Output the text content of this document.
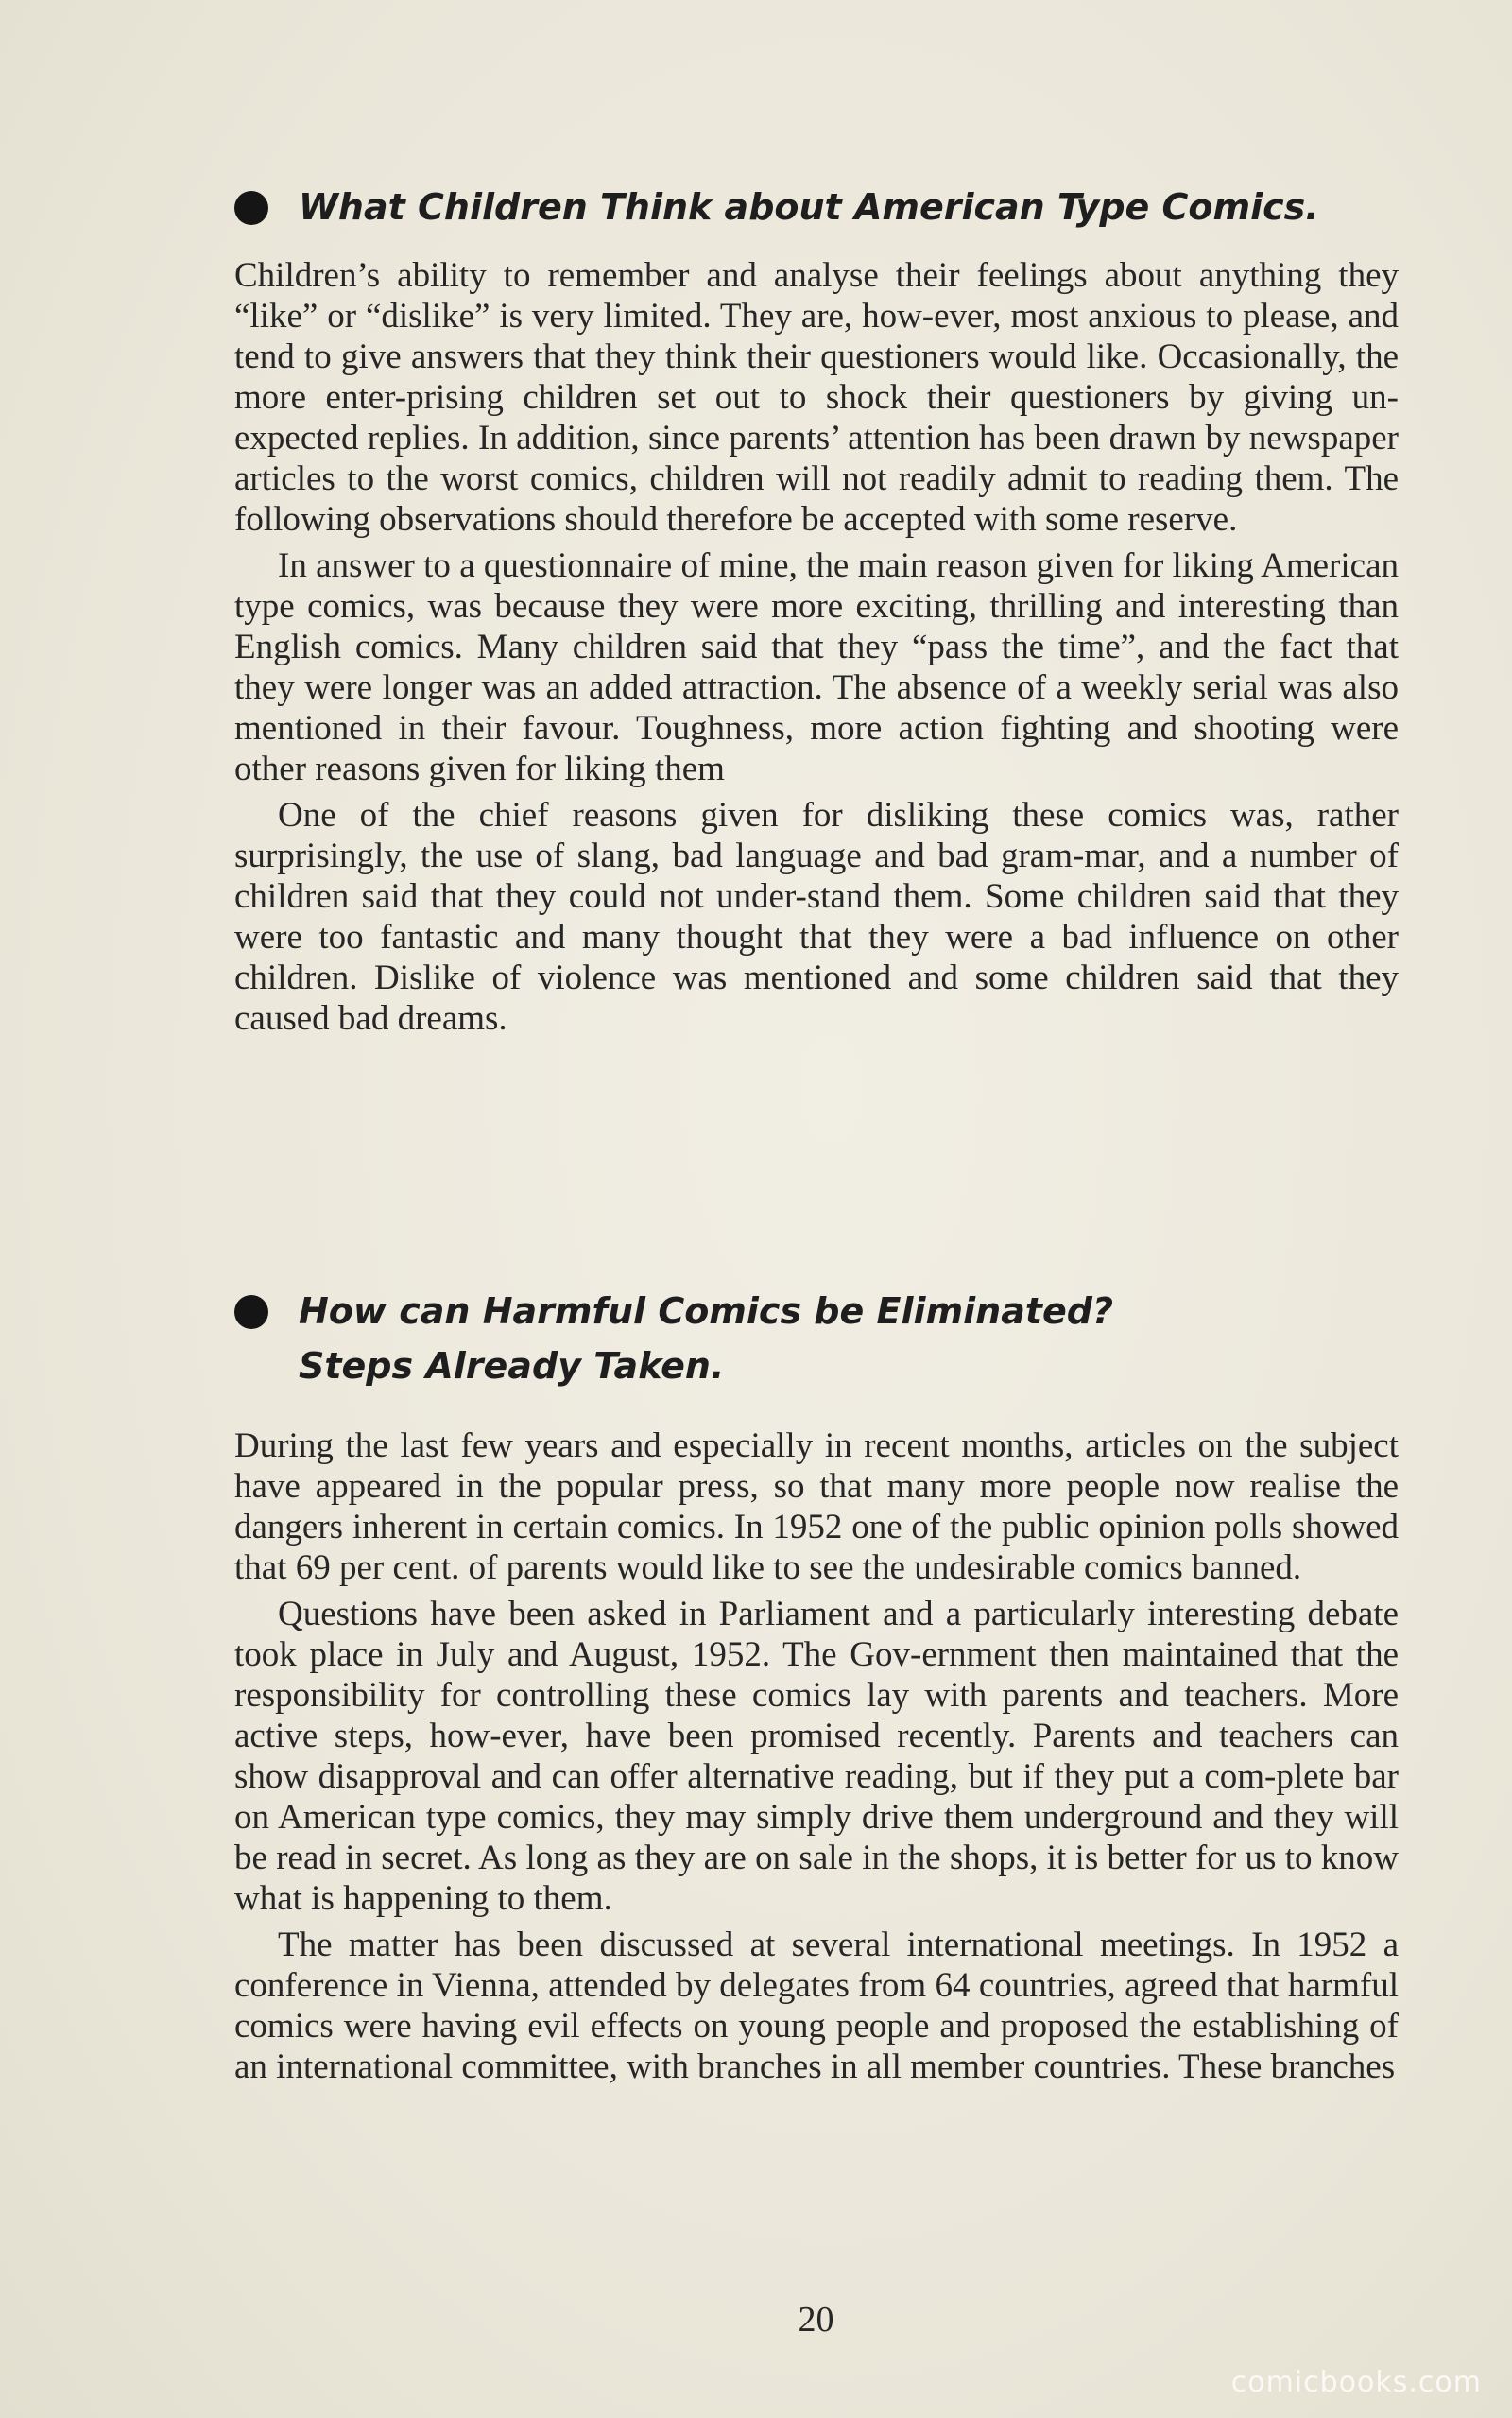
What Children Think about American Type Comics.

Children’s ability to remember and analyse their feelings about anything they “like” or “dislike” is very limited. They are, how-ever, most anxious to please, and tend to give answers that they think their questioners would like. Occasionally, the more enter-prising children set out to shock their questioners by giving un-expected replies. In addition, since parents’ attention has been drawn by newspaper articles to the worst comics, children will not readily admit to reading them. The following observations should therefore be accepted with some reserve.

In answer to a questionnaire of mine, the main reason given for liking American type comics, was because they were more exciting, thrilling and interesting than English comics. Many children said that they “pass the time”, and the fact that they were longer was an added attraction. The absence of a weekly serial was also mentioned in their favour. Toughness, more action fighting and shooting were other reasons given for liking them

One of the chief reasons given for disliking these comics was, rather surprisingly, the use of slang, bad language and bad gram-mar, and a number of children said that they could not under-stand them. Some children said that they were too fantastic and many thought that they were a bad influence on other children. Dislike of violence was mentioned and some children said that they caused bad dreams.

How can Harmful Comics be Eliminated?
Steps Already Taken.

During the last few years and especially in recent months, articles on the subject have appeared in the popular press, so that many more people now realise the dangers inherent in certain comics. In 1952 one of the public opinion polls showed that 69 per cent. of parents would like to see the undesirable comics banned.

Questions have been asked in Parliament and a particularly interesting debate took place in July and August, 1952. The Gov-ernment then maintained that the responsibility for controlling these comics lay with parents and teachers. More active steps, how-ever, have been promised recently. Parents and teachers can show disapproval and can offer alternative reading, but if they put a com-plete bar on American type comics, they may simply drive them underground and they will be read in secret. As long as they are on sale in the shops, it is better for us to know what is happening to them.

The matter has been discussed at several international meetings. In 1952 a conference in Vienna, attended by delegates from 64 countries, agreed that harmful comics were having evil effects on young people and proposed the establishing of an international committee, with branches in all member countries. These branches

20
comicbooks.com
